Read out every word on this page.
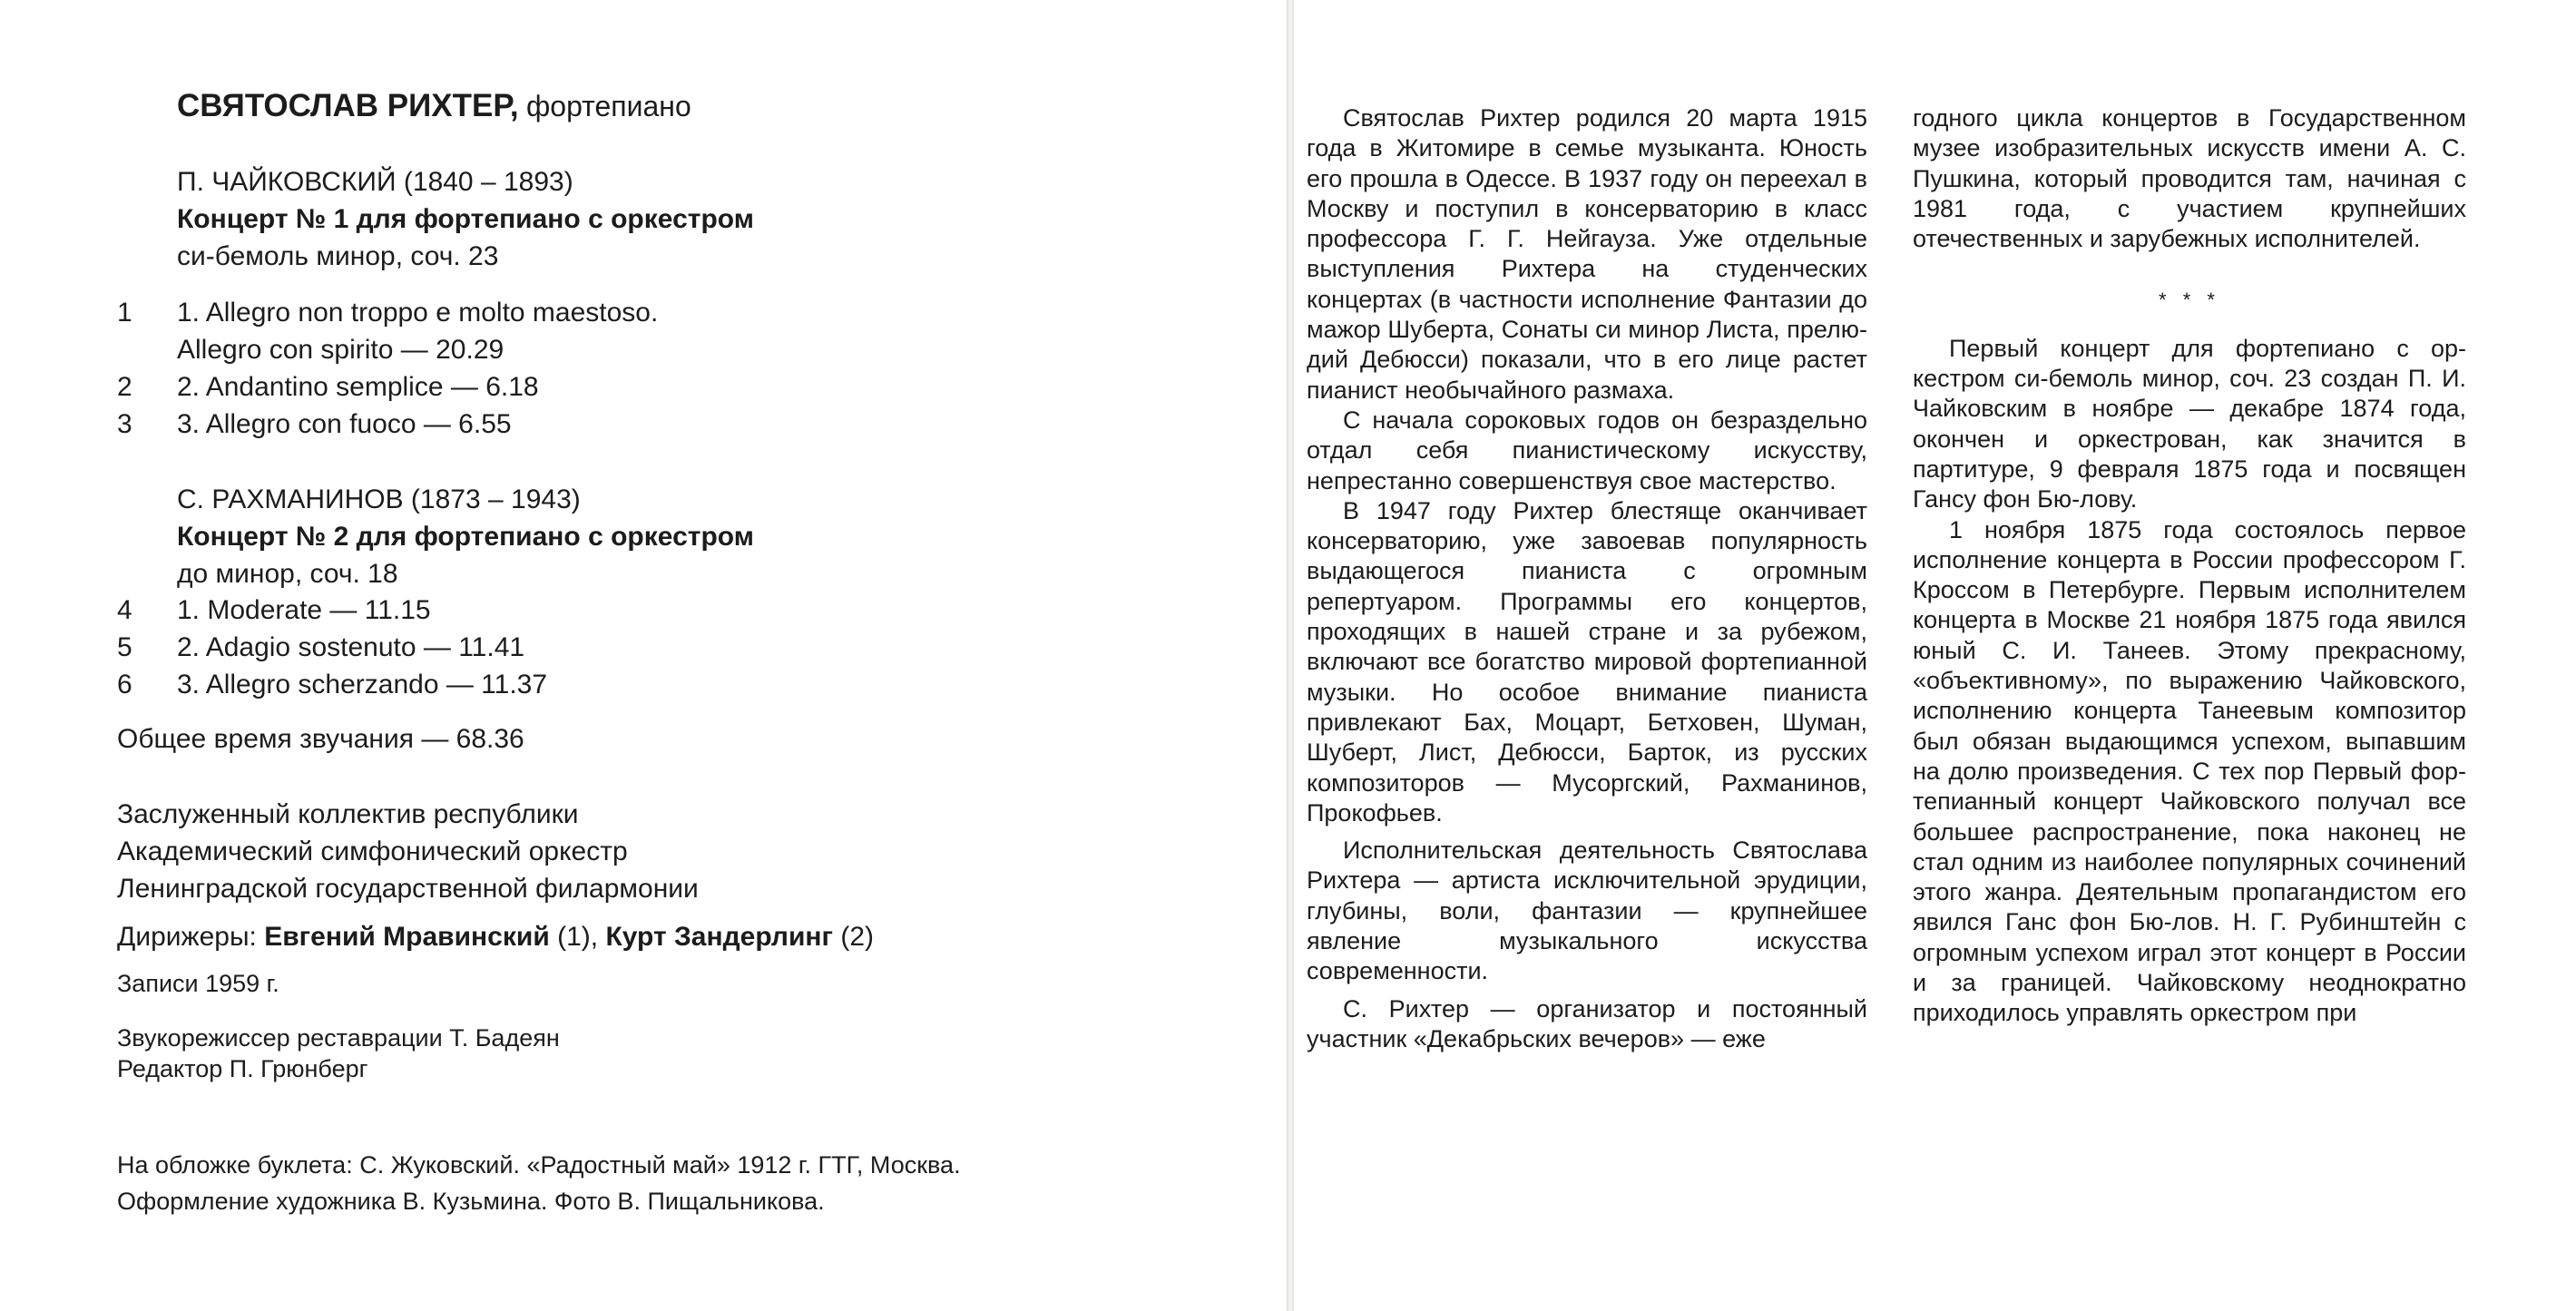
СВЯТОСЛАВ РИХТЕР, фортепиано
П. ЧАЙКОВСКИЙ (1840 – 1893)
Концерт № 1 для фортепиано с оркестром
си-бемоль минор, соч. 23
1	1. Allegro non troppo e molto maestoso.
Allegro con spirito — 20.29
2	2. Andantino semplice — 6.18
3	3. Allegro con fuoco — 6.55
С. РАХМАНИНОВ (1873 – 1943)
Концерт № 2 для фортепиано с оркестром
до минор, соч. 18
4	1. Moderate — 11.15
5	2. Adagio sostenuto — 11.41
6	3. Allegro scherzando — 11.37
Общее время звучания — 68.36
Заслуженный коллектив республики
Академический симфонический оркестр
Ленинградской государственной филармонии
Дирижеры: Евгений Мравинский (1), Курт Зандерлинг (2)
Записи 1959 г.
Звукорежиссер реставрации Т. Бадеян
Редактор П. Грюнберг
На обложке буклета: С. Жуковский. «Радостный май» 1912 г. ГТГ, Москва.
Оформление художника В. Кузьмина. Фото В. Пищальникова.

Святослав Рихтер родился 20 марта 1915 года в Житомире в семье музыканта. Юность его прошла в Одессе. В 1937 году он переехал в Москву и поступил в консерваторию в класс профессора Г. Г. Нейгауза. Уже отдельные выступления Рихтера на студенческих концертах (в частности исполнение Фантазии до мажор Шуберта, Сонаты си минор Листа, прелюдий Дебюсси) показали, что в его лице растет пианист необычайного размаха.

С начала сороковых годов он безраздельно отдал себя пианистическому искусству, непрестанно совершенствуя свое мастерство.

В 1947 году Рихтер блестяще оканчивает консерваторию, уже завоевав популярность выдающегося пианиста с огромным репертуаром. Программы его концертов, проходящих в нашей стране и за рубежом, включают все богатство мировой фортепианной музыки. Но особое внимание пианиста привлекают Бах, Моцарт, Бетховен, Шуман, Шуберт, Лист, Дебюсси, Барток, из русских композиторов — Мусоргский, Рахманинов, Прокофьев.

Исполнительская деятельность Святослава Рихтера — артиста исключительной эрудиции, глубины, воли, фантазии — крупнейшее явление музыкального искусства современности.

С. Рихтер — организатор и постоянный участник «Декабрьских вечеров» — еже

годного цикла концертов в Государственном музее изобразительных искусств имени А. С. Пушкина, который проводится там, начиная с 1981 года, с участием крупнейших отечественных и зарубежных исполнителей.

* * *

Первый концерт для фортепиано с оркестром си-бемоль минор, соч. 23 создан П. И. Чайковским в ноябре — декабре 1874 года, окончен и оркестрован, как значится в партитуре, 9 февраля 1875 года и посвящен Гансу фон Бю-лову.

1 ноября 1875 года состоялось первое исполнение концерта в России профессором Г. Кроссом в Петербурге. Первым исполнителем концерта в Москве 21 ноября 1875 года явился юный С. И. Танеев. Этому прекрасному, «объективному», по выражению Чайковского, исполнению концерта Танеевым композитор был обязан выдающимся успехом, выпавшим на долю произведения. С тех пор Первый фортепианный концерт Чайковского получал все большее распространение, пока наконец не стал одним из наиболее популярных сочинений этого жанра. Деятельным пропагандистом его явился Ганс фон Бю-лов. Н. Г. Рубинштейн с огромным успехом играл этот концерт в России и за границей. Чайковскому неоднократно приходилось управлять оркестром при
